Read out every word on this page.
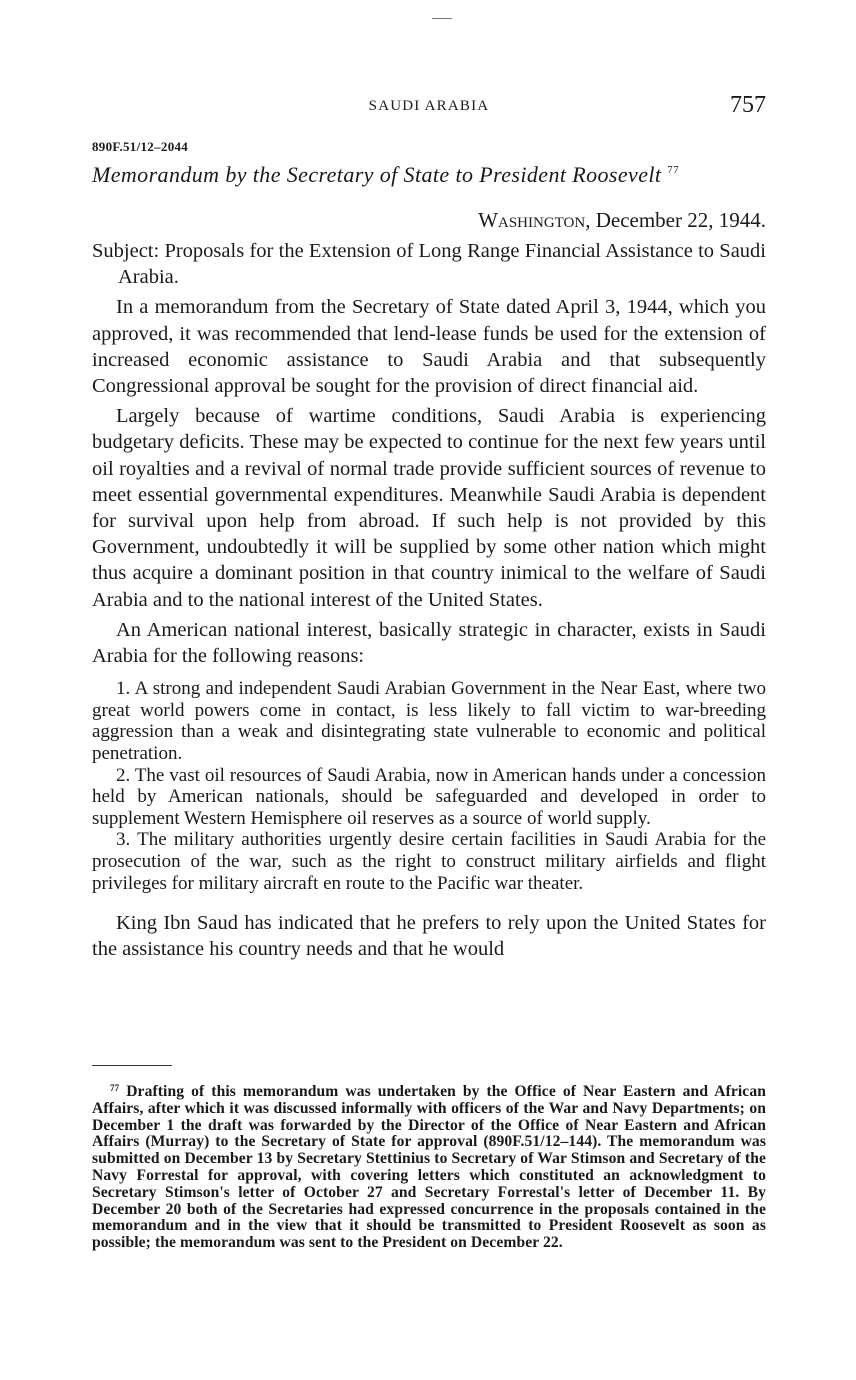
SAUDI ARABIA	757
890F.51/12–2044
Memorandum by the Secretary of State to President Roosevelt $^{77}$
Washington, December 22, 1944.

Subject: Proposals for the Extension of Long Range Financial Assistance to Saudi Arabia.

In a memorandum from the Secretary of State dated April 3, 1944, which you approved, it was recommended that lend-lease funds be used for the extension of increased economic assistance to Saudi Arabia and that subsequently Congressional approval be sought for the provision of direct financial aid.

Largely because of wartime conditions, Saudi Arabia is experiencing budgetary deficits. These may be expected to continue for the next few years until oil royalties and a revival of normal trade provide sufficient sources of revenue to meet essential governmental expenditures. Meanwhile Saudi Arabia is dependent for survival upon help from abroad. If such help is not provided by this Government, undoubtedly it will be supplied by some other nation which might thus acquire a dominant position in that country inimical to the welfare of Saudi Arabia and to the national interest of the United States.

An American national interest, basically strategic in character, exists in Saudi Arabia for the following reasons:

1. A strong and independent Saudi Arabian Government in the Near East, where two great world powers come in contact, is less likely to fall victim to war-breeding aggression than a weak and disintegrating state vulnerable to economic and political penetration.

2. The vast oil resources of Saudi Arabia, now in American hands under a concession held by American nationals, should be safeguarded and developed in order to supplement Western Hemisphere oil reserves as a source of world supply.

3. The military authorities urgently desire certain facilities in Saudi Arabia for the prosecution of the war, such as the right to construct military airfields and flight privileges for military aircraft en route to the Pacific war theater.

King Ibn Saud has indicated that he prefers to rely upon the United States for the assistance his country needs and that he would

$^{77}$ Drafting of this memorandum was undertaken by the Office of Near Eastern and African Affairs, after which it was discussed informally with officers of the War and Navy Departments; on December 1 the draft was forwarded by the Director of the Office of Near Eastern and African Affairs (Murray) to the Secretary of State for approval (890F.51/12–144). The memorandum was submitted on December 13 by Secretary Stettinius to Secretary of War Stimson and Secretary of the Navy Forrestal for approval, with covering letters which constituted an acknowledgment to Secretary Stimson's letter of October 27 and Secretary Forrestal's letter of December 11. By December 20 both of the Secretaries had expressed concurrence in the proposals contained in the memorandum and in the view that it should be transmitted to President Roosevelt as soon as possible; the memorandum was sent to the President on December 22.
